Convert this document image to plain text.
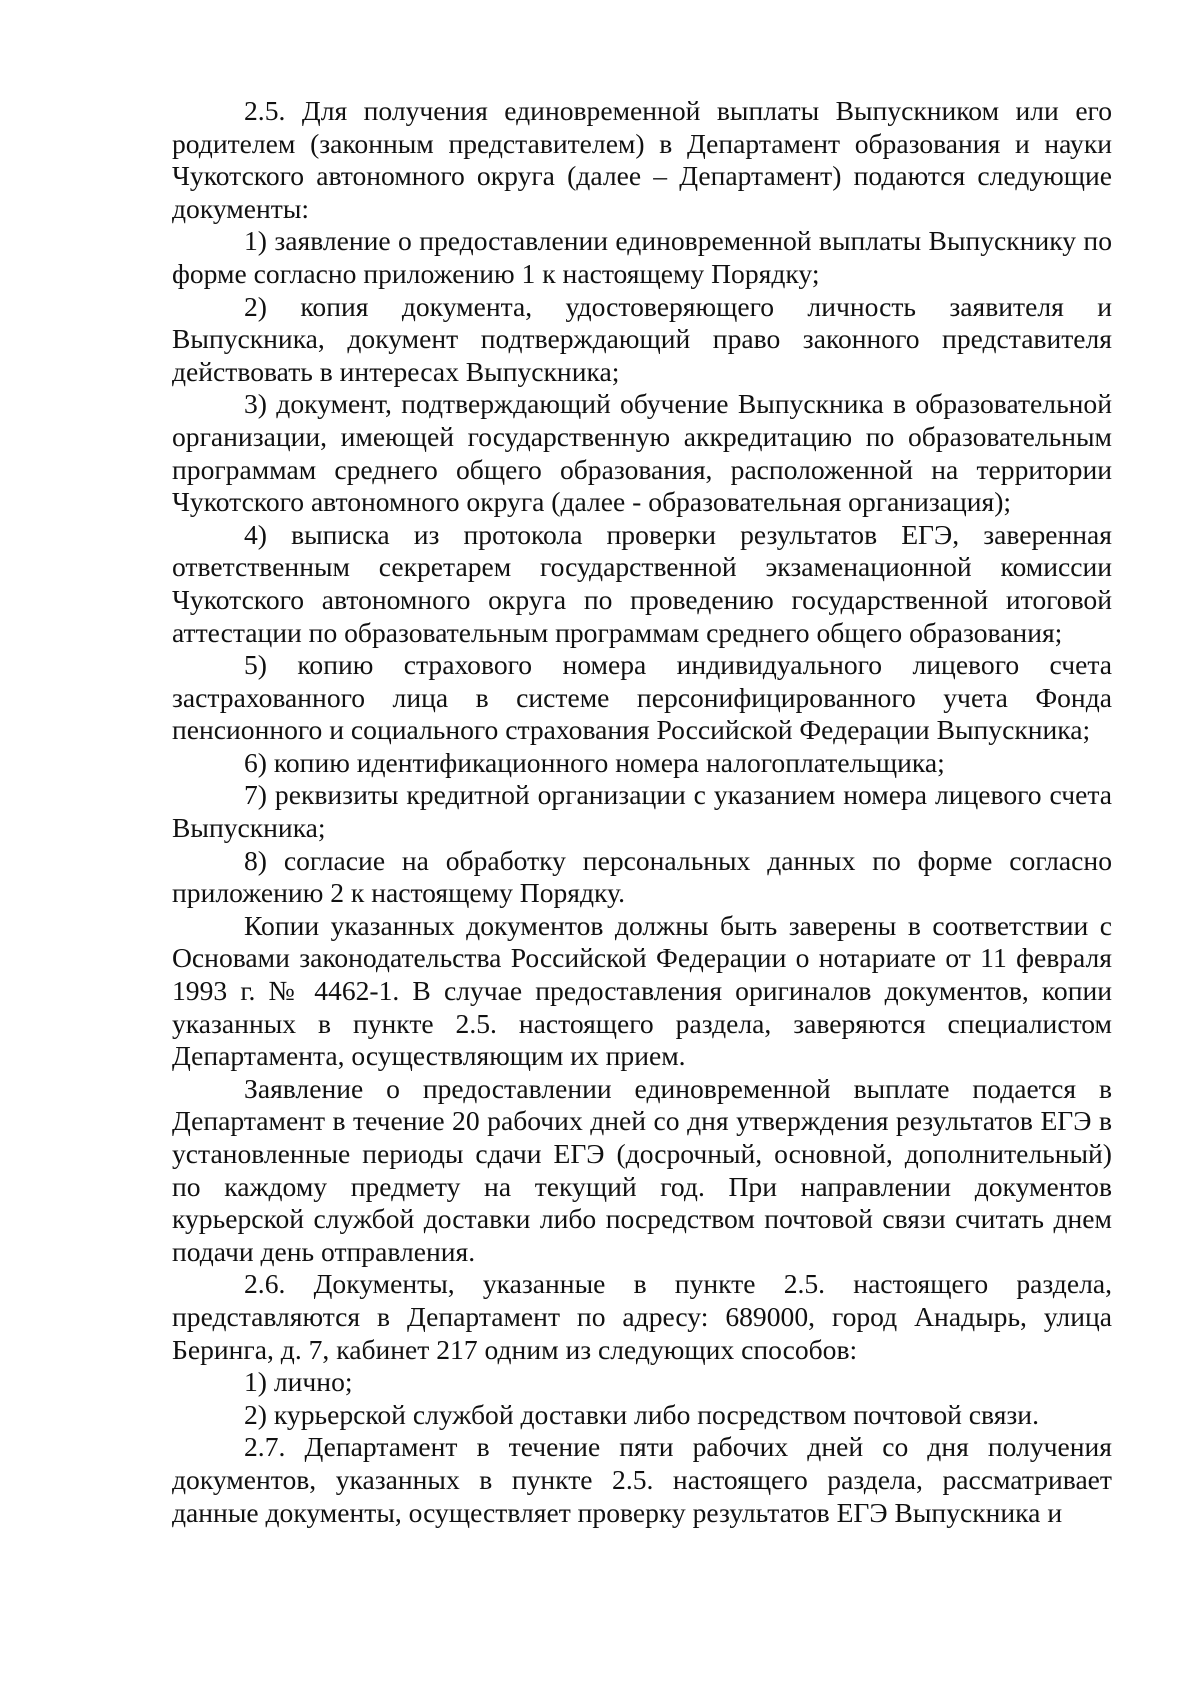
2.5. Для получения единовременной выплаты Выпускником или его родителем (законным представителем) в Департамент образования и науки Чукотского автономного округа (далее – Департамент) подаются следующие документы:

1) заявление о предоставлении единовременной выплаты Выпускнику по форме согласно приложению 1 к настоящему Порядку;

2) копия документа, удостоверяющего личность заявителя и Выпускника, документ подтверждающий право законного представителя действовать в интересах Выпускника;

3) документ, подтверждающий обучение Выпускника в образовательной организации, имеющей государственную аккредитацию по образовательным программам среднего общего образования, расположенной на территории Чукотского автономного округа (далее - образовательная организация);

4) выписка из протокола проверки результатов ЕГЭ, заверенная ответственным секретарем государственной экзаменационной комиссии Чукотского автономного округа по проведению государственной итоговой аттестации по образовательным программам среднего общего образования;

5) копию страхового номера индивидуального лицевого счета застрахованного лица в системе персонифицированного учета Фонда пенсионного и социального страхования Российской Федерации Выпускника;

6) копию идентификационного номера налогоплательщика;

7) реквизиты кредитной организации с указанием номера лицевого счета Выпускника;

8) согласие на обработку персональных данных по форме согласно приложению 2 к настоящему Порядку.

Копии указанных документов должны быть заверены в соответствии с Основами законодательства Российской Федерации о нотариате от 11 февраля 1993 г. № 4462-1. В случае предоставления оригиналов документов, копии указанных в пункте 2.5. настоящего раздела, заверяются специалистом Департамента, осуществляющим их прием.

Заявление о предоставлении единовременной выплате подается в Департамент в течение 20 рабочих дней со дня утверждения результатов ЕГЭ в установленные периоды сдачи ЕГЭ (досрочный, основной, дополнительный) по каждому предмету на текущий год. При направлении документов курьерской службой доставки либо посредством почтовой связи считать днем подачи день отправления.

2.6. Документы, указанные в пункте 2.5. настоящего раздела, представляются в Департамент по адресу: 689000, город Анадырь, улица Беринга, д. 7, кабинет 217 одним из следующих способов:

1) лично;

2) курьерской службой доставки либо посредством почтовой связи.

2.7. Департамент в течение пяти рабочих дней со дня получения документов, указанных в пункте 2.5. настоящего раздела, рассматривает данные документы, осуществляет проверку результатов ЕГЭ Выпускника и
